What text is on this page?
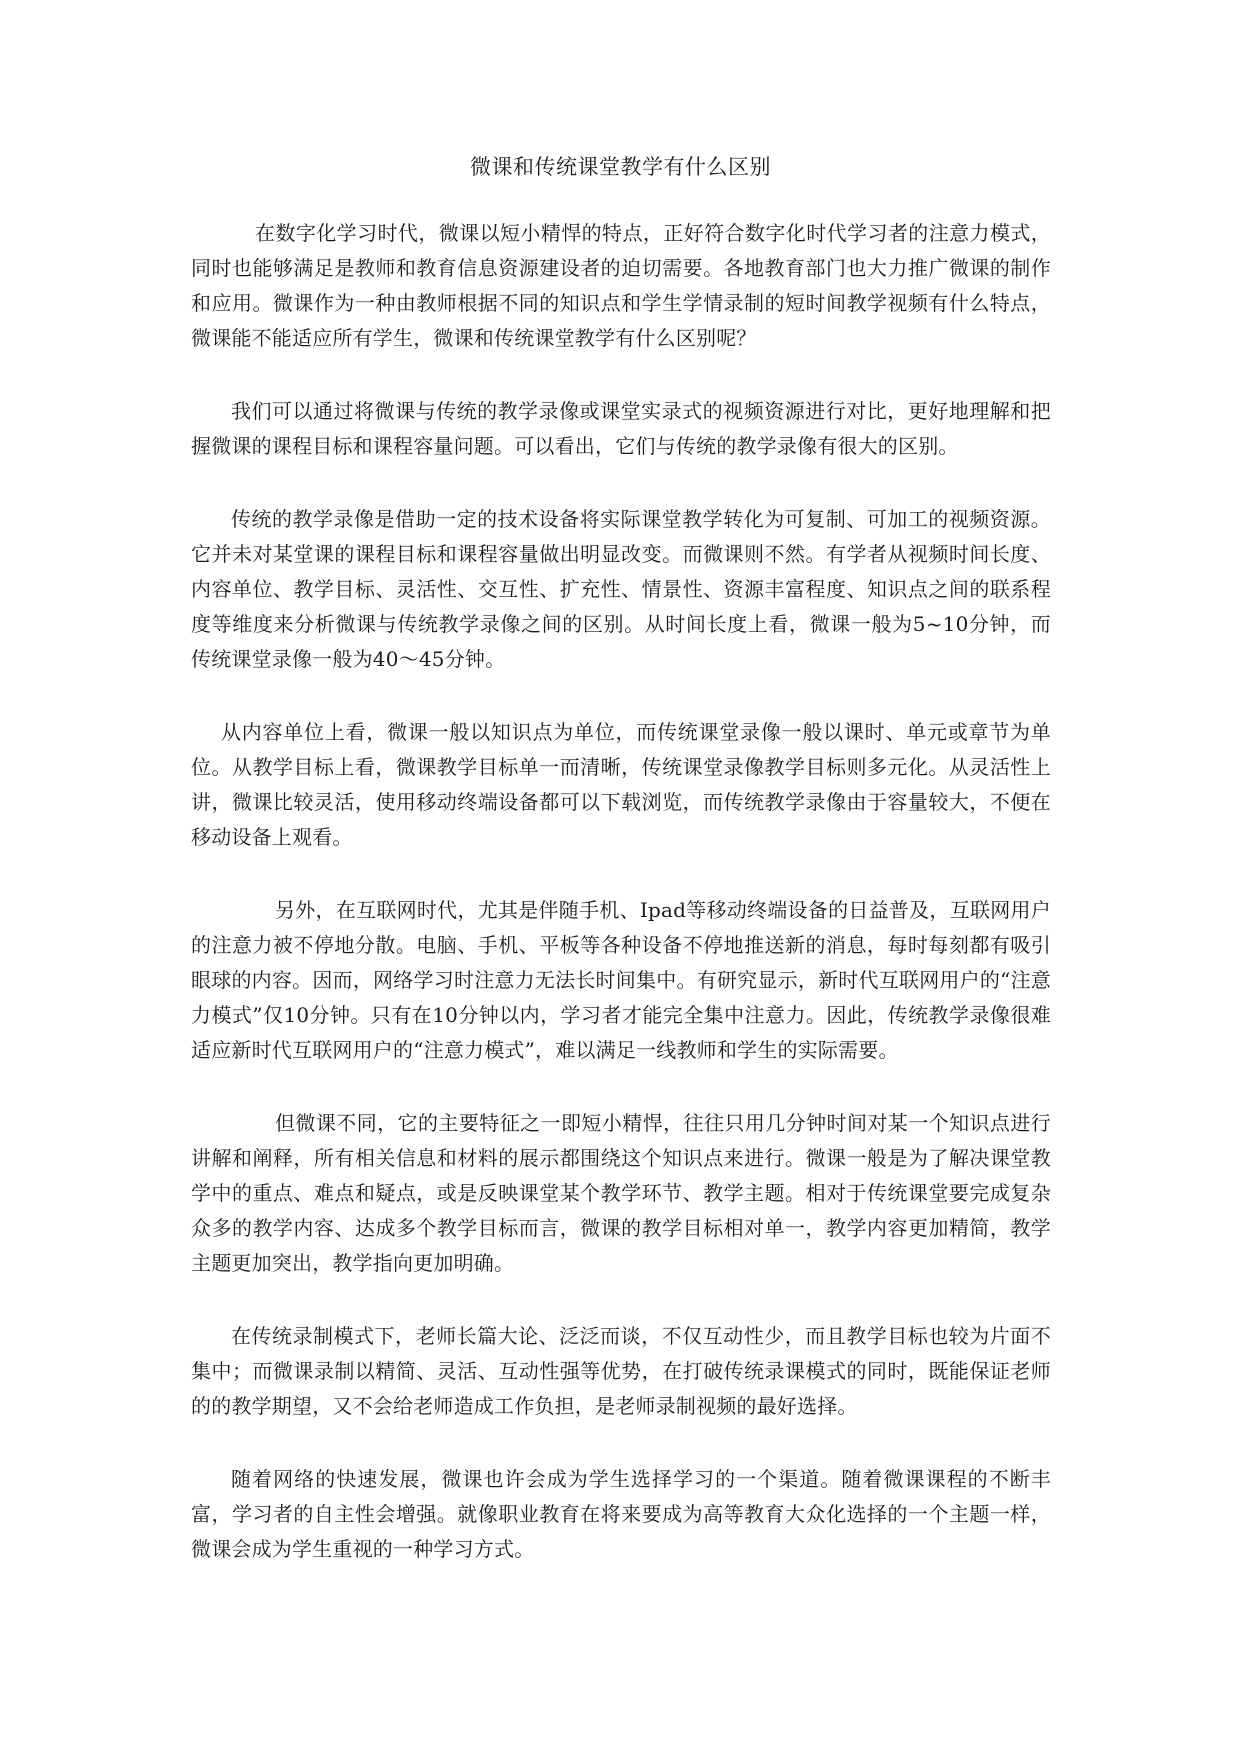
微课和传统课堂教学有什么区别

在数字化学习时代，微课以短小精悍的特点，正好符合数字化时代学习者的注意力模式，同时也能够满足是教师和教育信息资源建设者的迫切需要。各地教育部门也大力推广微课的制作和应用。微课作为一种由教师根据不同的知识点和学生学情录制的短时间教学视频有什么特点，微课能不能适应所有学生，微课和传统课堂教学有什么区别呢？

我们可以通过将微课与传统的教学录像或课堂实录式的视频资源进行对比，更好地理解和把握微课的课程目标和课程容量问题。可以看出，它们与传统的教学录像有很大的区别。

传统的教学录像是借助一定的技术设备将实际课堂教学转化为可复制、可加工的视频资源。它并未对某堂课的课程目标和课程容量做出明显改变。而微课则不然。有学者从视频时间长度、内容单位、教学目标、灵活性、交互性、扩充性、情景性、资源丰富程度、知识点之间的联系程度等维度来分析微课与传统教学录像之间的区别。从时间长度上看，微课一般为5~10分钟，而传统课堂录像一般为40～45分钟。

从内容单位上看，微课一般以知识点为单位，而传统课堂录像一般以课时、单元或章节为单位。从教学目标上看，微课教学目标单一而清晰，传统课堂录像教学目标则多元化。从灵活性上讲，微课比较灵活，使用移动终端设备都可以下载浏览，而传统教学录像由于容量较大，不便在移动设备上观看。

另外，在互联网时代，尤其是伴随手机、Ipad等移动终端设备的日益普及，互联网用户的注意力被不停地分散。电脑、手机、平板等各种设备不停地推送新的消息，每时每刻都有吸引眼球的内容。因而，网络学习时注意力无法长时间集中。有研究显示，新时代互联网用户的“注意力模式”仅10分钟。只有在10分钟以内，学习者才能完全集中注意力。因此，传统教学录像很难适应新时代互联网用户的“注意力模式”，难以满足一线教师和学生的实际需要。

但微课不同，它的主要特征之一即短小精悍，往往只用几分钟时间对某一个知识点进行讲解和阐释，所有相关信息和材料的展示都围绕这个知识点来进行。微课一般是为了解决课堂教学中的重点、难点和疑点，或是反映课堂某个教学环节、教学主题。相对于传统课堂要完成复杂众多的教学内容、达成多个教学目标而言，微课的教学目标相对单一，教学内容更加精简，教学主题更加突出，教学指向更加明确。

在传统录制模式下，老师长篇大论、泛泛而谈，不仅互动性少，而且教学目标也较为片面不集中；而微课录制以精简、灵活、互动性强等优势，在打破传统录课模式的同时，既能保证老师的的教学期望，又不会给老师造成工作负担，是老师录制视频的最好选择。

随着网络的快速发展，微课也许会成为学生选择学习的一个渠道。随着微课课程的不断丰富，学习者的自主性会增强。就像职业教育在将来要成为高等教育大众化选择的一个主题一样，微课会成为学生重视的一种学习方式。
